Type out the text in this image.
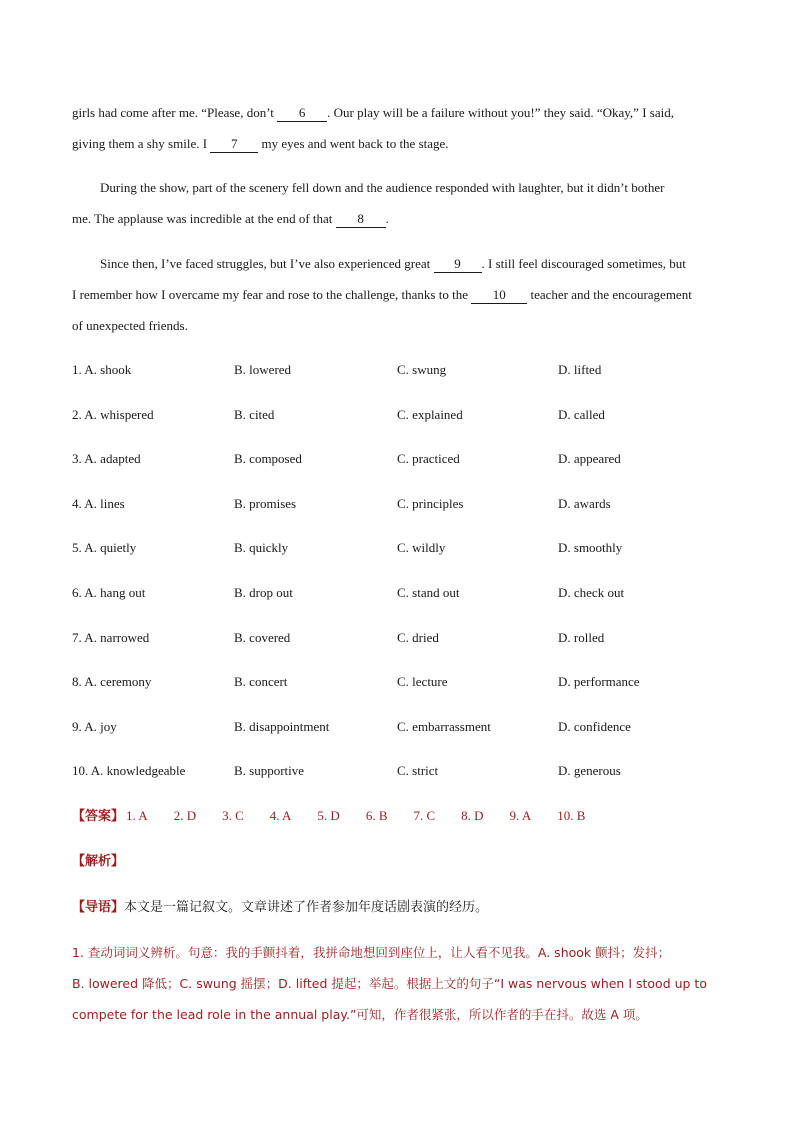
girls had come after me. “Please, don’t 6 . Our play will be a failure without you!” they said. “Okay,” I said,
giving them a shy smile. I 7 my eyes and went back to the stage.
During the show, part of the scenery fell down and the audience responded with laughter, but it didn’t bother
me. The applause was incredible at the end of that 8 .
Since then, I’ve faced struggles, but I’ve also experienced great 9 . I still feel discouraged sometimes, but
I remember how I overcame my fear and rose to the challenge, thanks to the 10 teacher and the encouragement
of unexpected friends.
1. A. shook	B. lowered	C. swung	D. lifted
2. A. whispered	B. cited	C. explained	D. called
3. A. adapted	B. composed	C. practiced	D. appeared
4. A. lines	B. promises	C. principles	D. awards
5. A. quietly	B. quickly	C. wildly	D. smoothly
6. A. hang out	B. drop out	C. stand out	D. check out
7. A. narrowed	B. covered	C. dried	D. rolled
8. A. ceremony	B. concert	C. lecture	D. performance
9. A. joy	B. disappointment	C. embarrassment	D. confidence
10. A. knowledgeable	B. supportive	C. strict	D. generous
【答案】 1. A 2. D 3. C 4. A 5. D 6. B 7. C 8. D 9. A 10. B
【解析】
【导语】本文是一篇记叙文。文章讲述了作者参加年度话剧表演的经历。
1. 查动词词义辨析。句意：我的手颤抖着，我拼命地想回到座位上，让人看不见我。A. shook 颤抖；发抖；
B. lowered 降低；C. swung 摇摆；D. lifted 提起；举起。根据上文的句子“I was nervous when I stood up to
compete for the lead role in the annual play.”可知，作者很紧张，所以作者的手在抖。故选 A 项。
